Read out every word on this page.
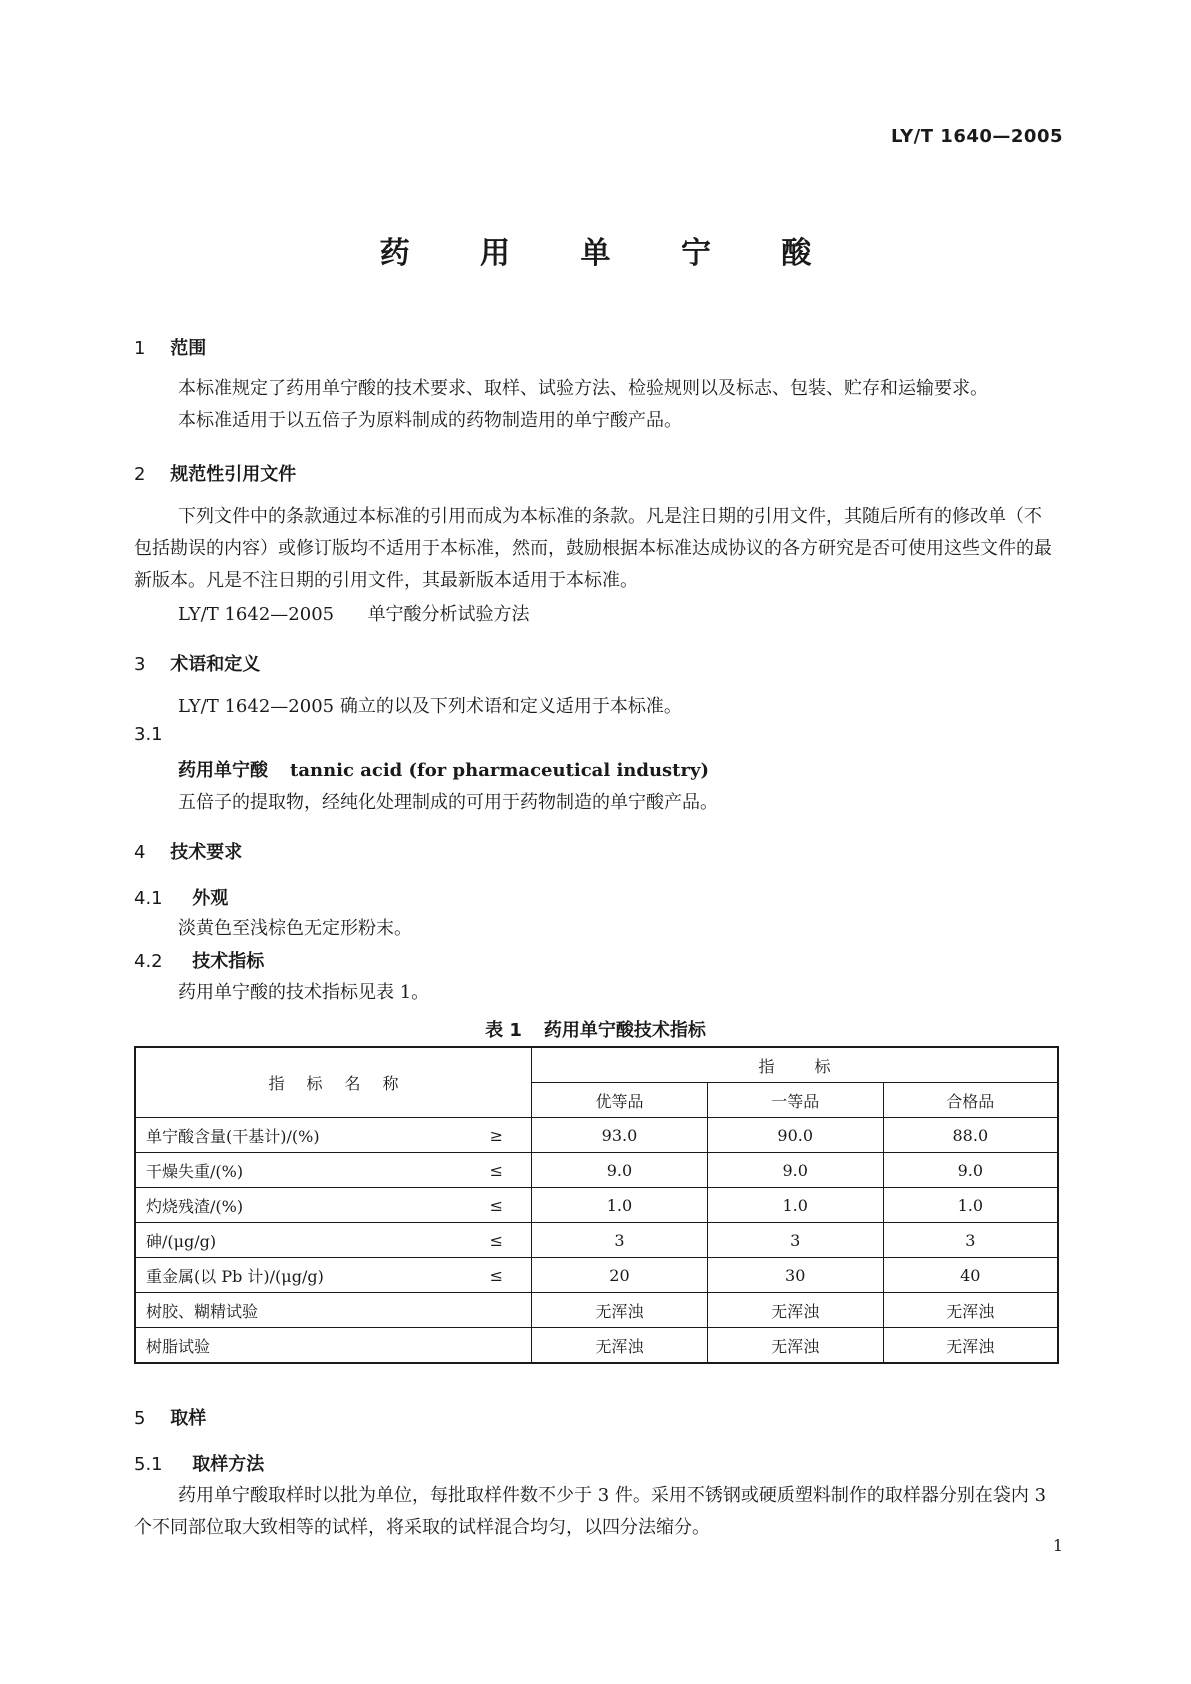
LY/T 1640—2005
药 用 单 宁 酸
1 范围
本标准规定了药用单宁酸的技术要求、取样、试验方法、检验规则以及标志、包装、贮存和运输要求。
本标准适用于以五倍子为原料制成的药物制造用的单宁酸产品。
2 规范性引用文件
下列文件中的条款通过本标准的引用而成为本标准的条款。凡是注日期的引用文件，其随后所有的修改单（不包括勘误的内容）或修订版均不适用于本标准，然而，鼓励根据本标准达成协议的各方研究是否可使用这些文件的最新版本。凡是不注日期的引用文件，其最新版本适用于本标准。
LY/T 1642—2005 单宁酸分析试验方法
3 术语和定义
LY/T 1642—2005 确立的以及下列术语和定义适用于本标准。
3.1
药用单宁酸 tannic acid (for pharmaceutical industry)
五倍子的提取物，经纯化处理制成的可用于药物制造的单宁酸产品。
4 技术要求
4.1 外观
淡黄色至浅棕色无定形粉末。
4.2 技术指标
药用单宁酸的技术指标见表 1。
表 1 药用单宁酸技术指标
指标名称		指标		
		优等品	一等品	合格品
单宁酸含量(干基计)/(%)	≥	93.0	90.0	88.0
干燥失重/(%)	≤	9.0	9.0	9.0
灼烧残渣/(%)	≤	1.0	1.0	1.0
砷/(μg/g)	≤	3	3	3
重金属(以 Pb 计)/(μg/g)	≤	20	30	40
树胶、糊精试验		无浑浊	无浑浊	无浑浊
树脂试验		无浑浊	无浑浊	无浑浊
5 取样
5.1 取样方法
药用单宁酸取样时以批为单位，每批取样件数不少于 3 件。采用不锈钢或硬质塑料制作的取样器分别在袋内 3 个不同部位取大致相等的试样，将采取的试样混合均匀，以四分法缩分。
1
